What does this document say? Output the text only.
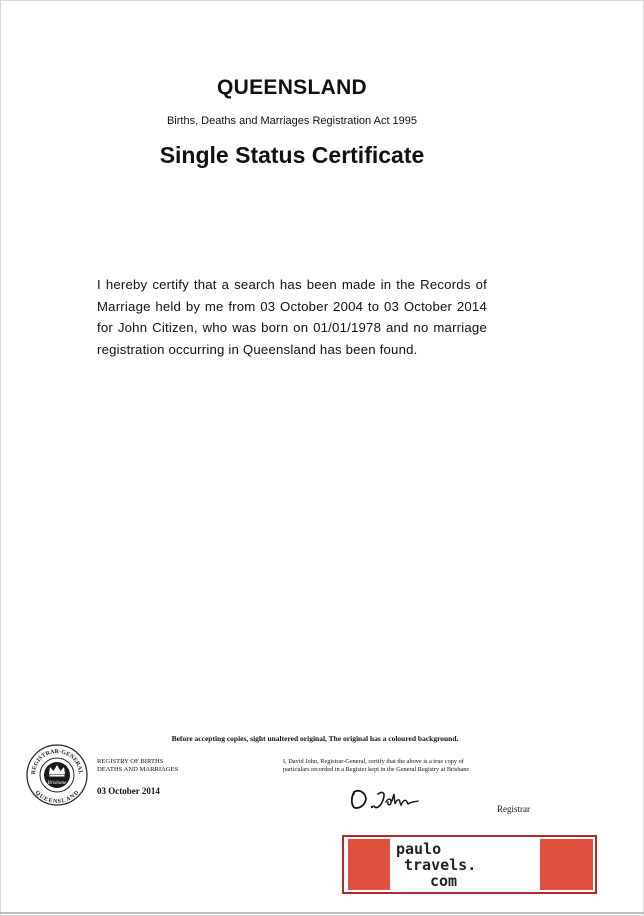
QUEENSLAND
Births, Deaths and Marriages Registration Act 1995
Single Status Certificate
I hereby certify that a search has been made in the Records of Marriage held by me from 03 October 2004 to 03 October 2014 for John Citizen, who was born on 01/01/1978 and no marriage registration occurring in Queensland has been found.
Before accepting copies, sight unaltered original, The original has a coloured background.
REGISTRAR-GENERAL
QUEENSLAND
Brisbane
REGISTRY OF BIRTHS
DEATHS AND MARRIAGES
03 October 2014
I, David John, Registrar-General, certify that the above is a true copy of particulars recorded in a Register kept in the General Registry at Brisbane
Registrar
paulo
travels.
com
